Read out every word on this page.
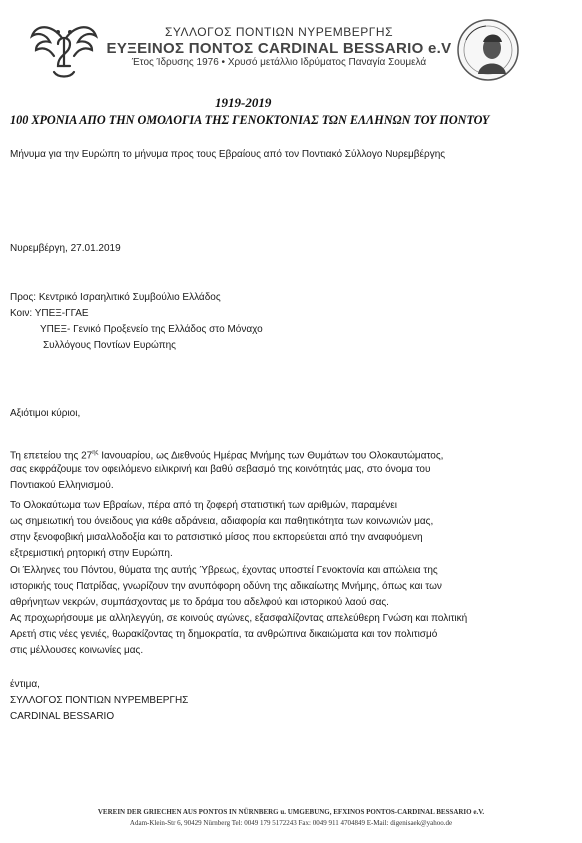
ΣΥΛΛΟΓΟΣ ΠΟΝΤΙΩΝ ΝΥΡΕΜΒΕΡΓΗΣ
ΕΥΞΕΙΝΟΣ ΠΟΝΤΟΣ CARDINAL BESSARIO e.V
Έτος Ίδρυσης 1976 • Χρυσό μετάλλιο Ιδρύματος Παναγία Σουμελά
1919-2019
100 ΧΡΟΝΙΑ ΑΠΟ ΤΗΝ ΟΜΟΛΟΓΙΑ ΤΗΣ ΓΕΝΟΚΤΟΝΙΑΣ ΤΩΝ ΕΛΛΗΝΩΝ ΤΟΥ ΠΟΝΤΟΥ
Μήνυμα για την Ευρώπη το μήνυμα προς τους Εβραίους από τον Ποντιακό Σύλλογο Νυρεμβέργης
Νυρεμβέργη, 27.01.2019
Προς: Κεντρικό Ισραηλιτικό Συμβούλιο Ελλάδος
Κοιν: ΥΠΕΞ-ΓΓΑΕ
ΥΠΕΞ- Γενικό Προξενείο της Ελλάδος στο Μόναχο
Συλλόγους Ποντίων Ευρώπης
Αξιότιμοι κύριοι,
Τη επετείου της $27^{\eta\varsigma}$ Ιανουαρίου, ως Διεθνούς Ημέρας Μνήμης των Θυμάτων του Ολοκαυτώματος,
σας εκφράζουμε τον οφειλόμενο ειλικρινή και βαθύ σεβασμό της κοινότητάς μας, στο όνομα του
Ποντιακού Ελληνισμού.
Το Ολοκαύτωμα των Εβραίων, πέρα από τη ζοφερή στατιστική των αριθμών, παραμένει
ως σημειωτική του όνειδους για κάθε αδράνεια, αδιαφορία και παθητικότητα των κοινωνιών μας,
στην ξενοφοβική μισαλλοδοξία και το ρατσιστικό μίσος που εκπορεύεται από την αναφυόμενη
εξτρεμιστική ρητορική στην Ευρώπη.
Οι Έλληνες του Πόντου, θύματα της αυτής Ύβρεως, έχοντας υποστεί Γενοκτονία και απώλεια της
ιστορικής τους Πατρίδας, γνωρίζουν την ανυπόφορη οδύνη της αδικαίωτης Μνήμης, όπως και των
αθρήνητων νεκρών, συμπάσχοντας με το δράμα του αδελφού και ιστορικού λαού σας.
Ας προχωρήσουμε με αλληλεγγύη, σε κοινούς αγώνες, εξασφαλίζοντας απελεύθερη Γνώση και πολιτική
Αρετή στις νέες γενιές, θωρακίζοντας τη δημοκρατία, τα ανθρώπινα δικαιώματα και τον πολιτισμό
στις μέλλουσες κοινωνίες μας.
έντιμα,
ΣΥΛΛΟΓΟΣ ΠΟΝΤΙΩΝ ΝΥΡΕΜΒΕΡΓΗΣ
CARDINAL BESSARIO
VEREIN DER GRIECHEN AUS PONTOS IN NÜRNBERG u. UMGEBUNG, EFXINOS PONTOS-CARDINAL BESSARIO e.V.
Adam-Klein-Str 6, 90429 Nürnberg Tel: 0049 179 5172243 Fax: 0049 911 4704849 E-Mail: digenisaek@yahoo.de
